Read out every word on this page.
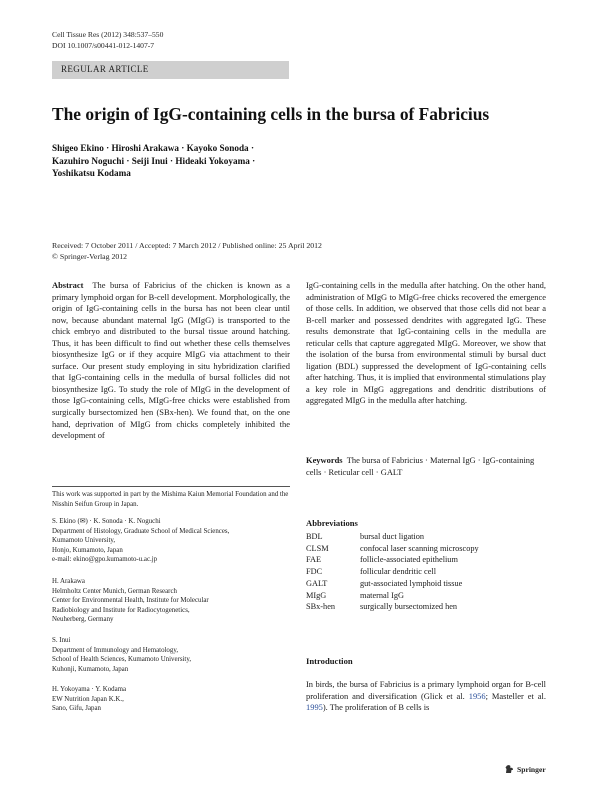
Cell Tissue Res (2012) 348:537–550
DOI 10.1007/s00441-012-1407-7
REGULAR ARTICLE
The origin of IgG-containing cells in the bursa of Fabricius
Shigeo Ekino · Hiroshi Arakawa · Kayoko Sonoda ·
Kazuhiro Noguchi · Seiji Inui · Hideaki Yokoyama ·
Yoshikatsu Kodama
Received: 7 October 2011 / Accepted: 7 March 2012 / Published online: 25 April 2012
© Springer-Verlag 2012
Abstract The bursa of Fabricius of the chicken is known as a primary lymphoid organ for B-cell development. Morphologically, the origin of IgG-containing cells in the bursa has not been clear until now, because abundant maternal IgG (MIgG) is transported to the chick embryo and distributed to the bursal tissue around hatching. Thus, it has been difficult to find out whether these cells themselves biosynthesize IgG or if they acquire MIgG via attachment to their surface. Our present study employing in situ hybridization clarified that IgG-containing cells in the medulla of bursal follicles did not biosynthesize IgG. To study the role of MIgG in the development of those IgG-containing cells, MIgG-free chicks were established from surgically bursectomized hen (SBx-hen). We found that, on the one hand, deprivation of MIgG from chicks completely inhibited the development of
IgG-containing cells in the medulla after hatching. On the other hand, administration of MIgG to MIgG-free chicks recovered the emergence of those cells. In addition, we observed that those cells did not bear a B-cell marker and possessed dendrites with aggregated IgG. These results demonstrate that IgG-containing cells in the medulla are reticular cells that capture aggregated MIgG. Moreover, we show that the isolation of the bursa from environmental stimuli by bursal duct ligation (BDL) suppressed the development of IgG-containing cells after hatching. Thus, it is implied that environmental stimulations play a key role in MIgG aggregations and dendritic distributions of aggregated MIgG in the medulla after hatching.
Keywords The bursa of Fabricius · Maternal IgG · IgG-containing cells · Reticular cell · GALT
This work was supported in part by the Mishima Kaiun Memorial Foundation and the Nisshin Seifun Group in Japan.
S. Ekino (✉) · K. Sonoda · K. Noguchi
Department of Histology, Graduate School of Medical Sciences,
Kumamoto University,
Honjo, Kumamoto, Japan
e-mail: ekino@gpo.kumamoto-u.ac.jp
H. Arakawa
Helmholtz Center Munich, German Research
Center for Environmental Health, Institute for Molecular
Radiobiology and Institute for Radiocytogenetics,
Neuherberg, Germany
S. Inui
Department of Immunology and Hematology,
School of Health Sciences, Kumamoto University,
Kuhonji, Kumamoto, Japan
H. Yokoyama · Y. Kodama
EW Nutrition Japan K.K.,
Sano, Gifu, Japan
Abbreviations
BDL	bursal duct ligation
CLSM	confocal laser scanning microscopy
FAE	follicle-associated epithelium
FDC	follicular dendritic cell
GALT	gut-associated lymphoid tissue
MIgG	maternal IgG
SBx-hen	surgically bursectomized hen
Introduction
In birds, the bursa of Fabricius is a primary lymphoid organ for B-cell proliferation and diversification (Glick et al. 1956; Masteller et al. 1995). The proliferation of B cells is
Springer
